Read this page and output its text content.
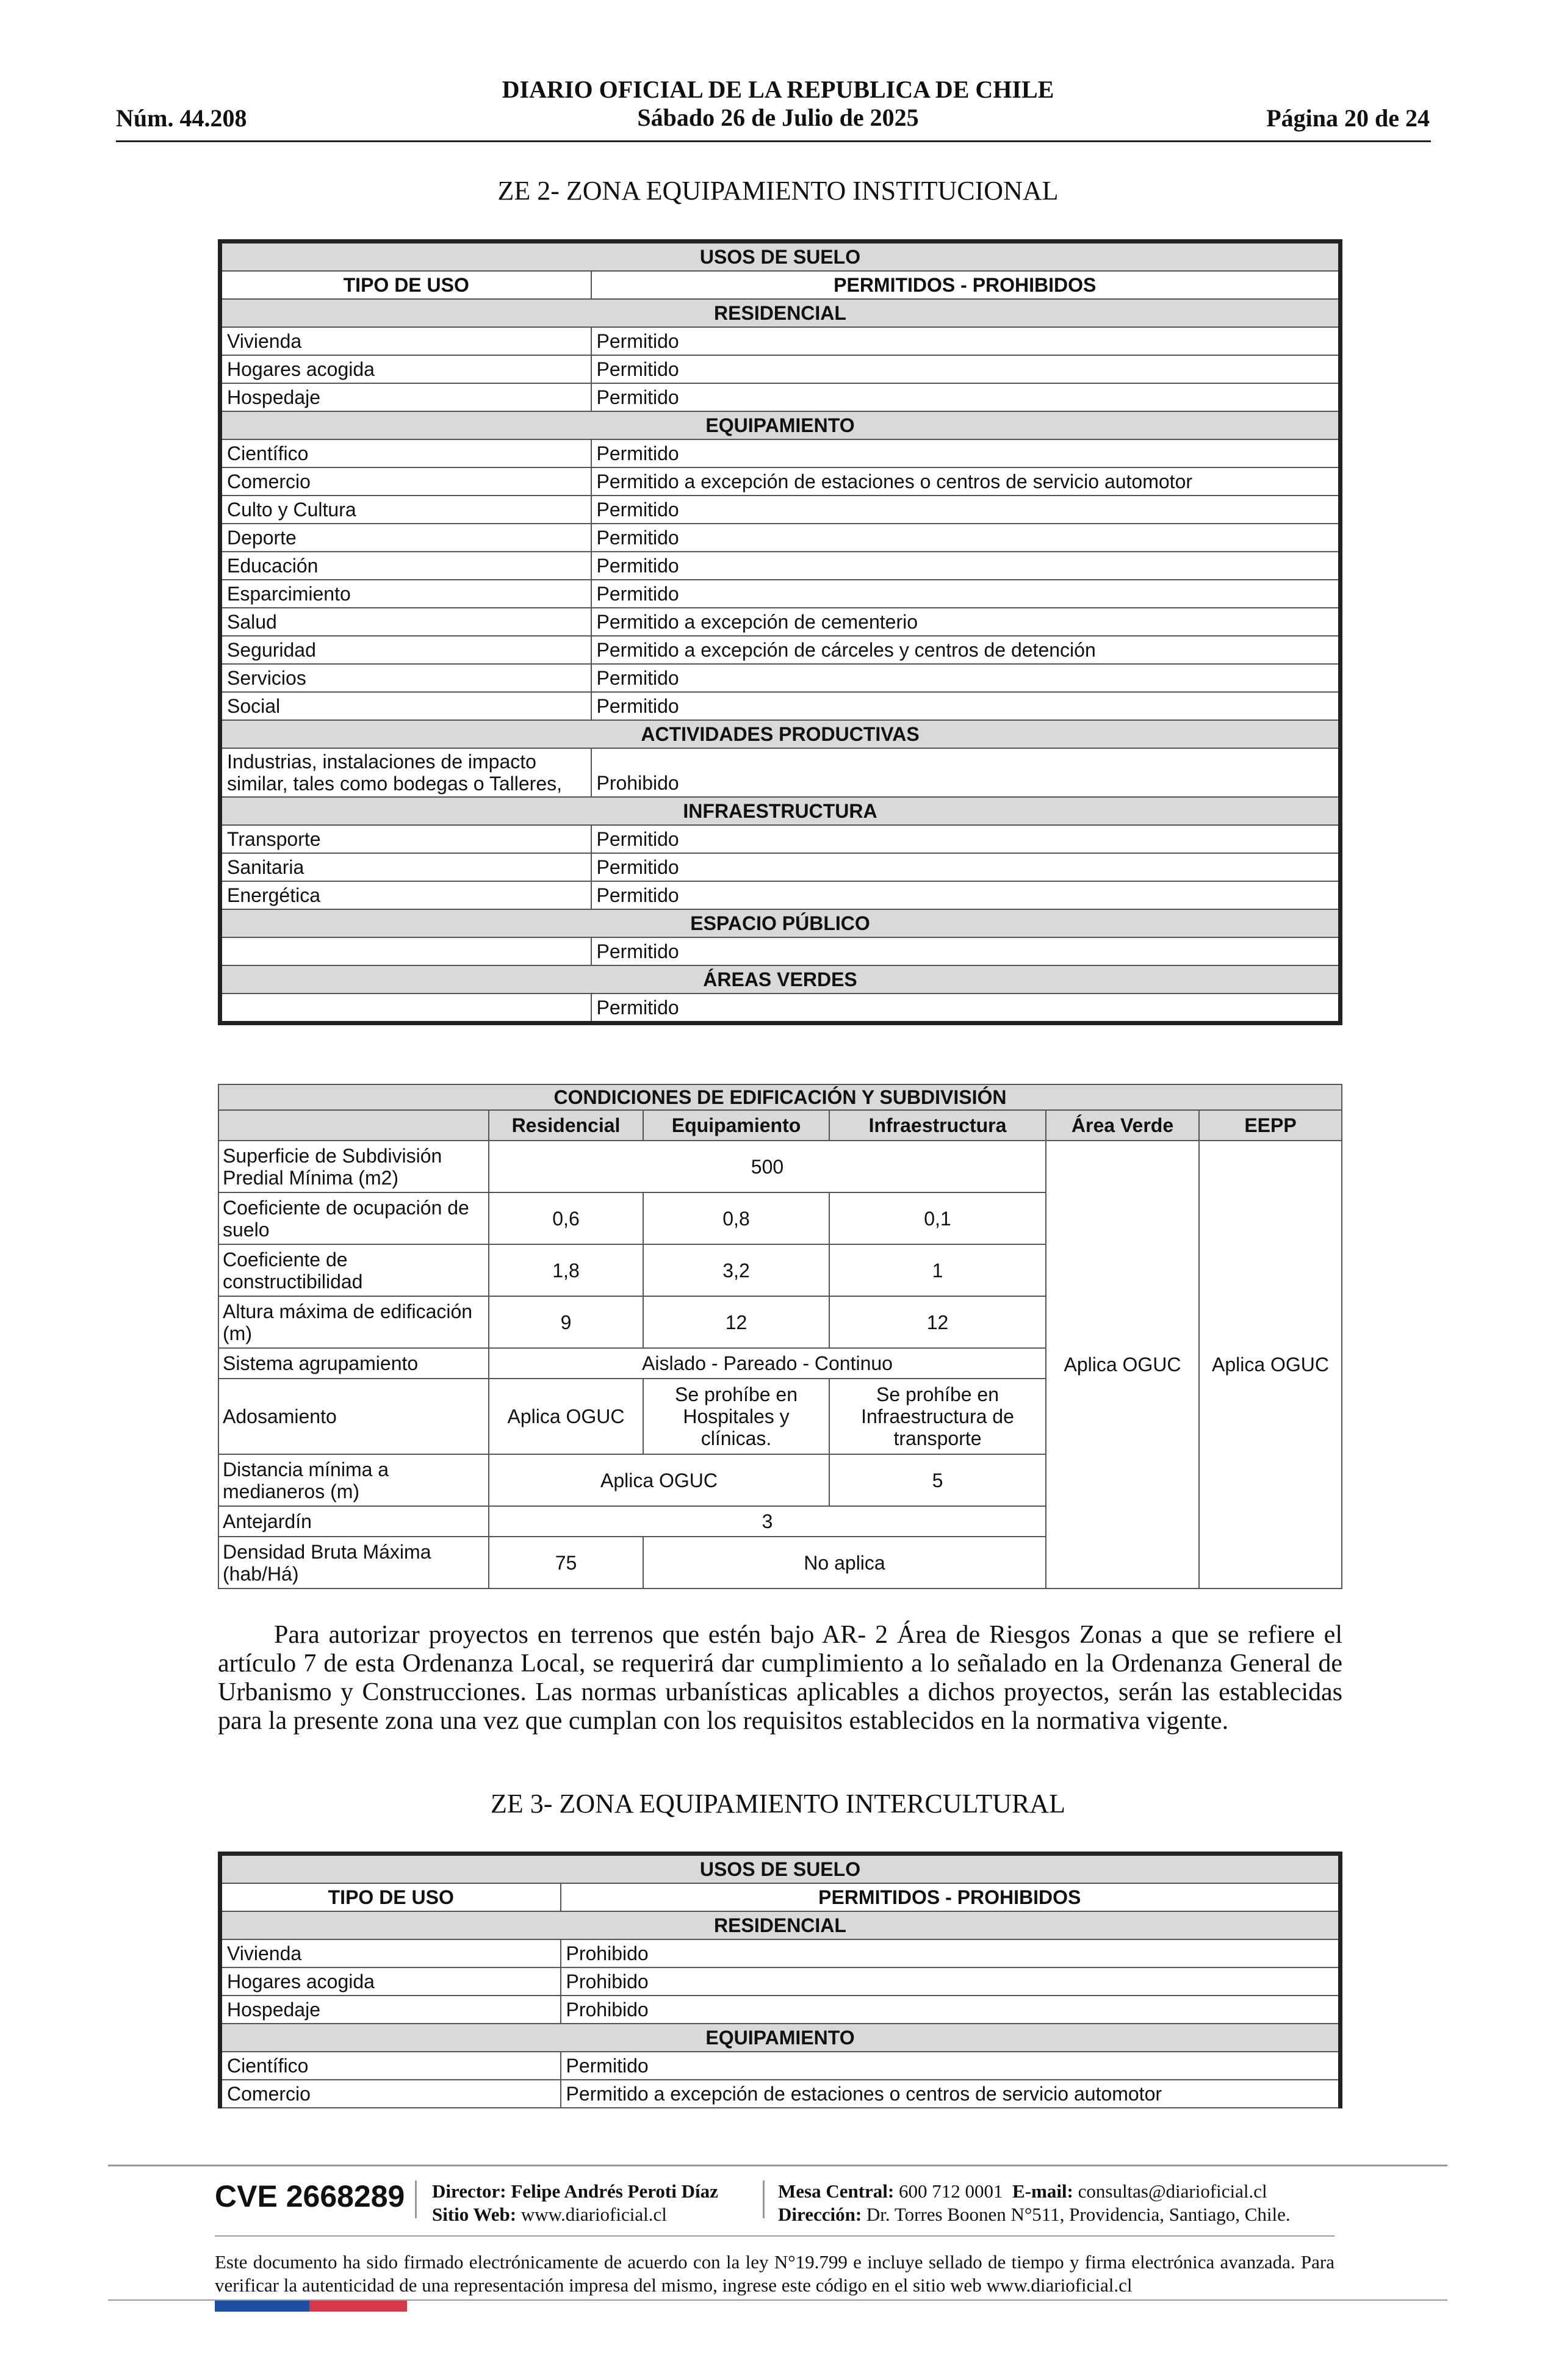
DIARIO OFICIAL DE LA REPUBLICA DE CHILE
Sábado 26 de Julio de 2025
Núm. 44.208	Página 20 de 24
ZE 2- ZONA EQUIPAMIENTO INSTITUCIONAL
USOS DE SUELO	
TIPO DE USO	PERMITIDOS - PROHIBIDOS
RESIDENCIAL	
Vivienda	Permitido
Hogares acogida	Permitido
Hospedaje	Permitido
EQUIPAMIENTO	
Científico	Permitido
Comercio	Permitido a excepción de estaciones o centros de servicio automotor
Culto y Cultura	Permitido
Deporte	Permitido
Educación	Permitido
Esparcimiento	Permitido
Salud	Permitido a excepción de cementerio
Seguridad	Permitido a excepción de cárceles y centros de detención
Servicios	Permitido
Social	Permitido
ACTIVIDADES PRODUCTIVAS	
Industrias, instalaciones de impacto similar, tales como bodegas o Talleres,	Prohibido
INFRAESTRUCTURA	
Transporte	Permitido
Sanitaria	Permitido
Energética	Permitido
ESPACIO PÚBLICO	
	Permitido
ÁREAS VERDES	
	Permitido
CONDICIONES DE EDIFICACIÓN Y SUBDIVISIÓN					
	Residencial	Equipamiento	Infraestructura	Área Verde	EEPP
Superficie de Subdivisión Predial Mínima (m2)	500			Aplica OGUC	Aplica OGUC
Coeficiente de ocupación de suelo	0,6	0,8	0,1		
Coeficiente de constructibilidad	1,8	3,2	1		
Altura máxima de edificación (m)	9	12	12		
Sistema agrupamiento	Aislado - Pareado - Continuo				
Adosamiento	Aplica OGUC	Se prohíbe en Hospitales y clínicas.	Se prohíbe en Infraestructura de transporte		
Distancia mínima a medianeros (m)	Aplica OGUC		5		
Antejardín	3				
Densidad Bruta Máxima (hab/Há)	75	No aplica			
Para autorizar proyectos en terrenos que estén bajo AR- 2 Área de Riesgos Zonas a que se refiere el artículo 7 de esta Ordenanza Local, se requerirá dar cumplimiento a lo señalado en la Ordenanza General de Urbanismo y Construcciones. Las normas urbanísticas aplicables a dichos proyectos, serán las establecidas para la presente zona una vez que cumplan con los requisitos establecidos en la normativa vigente.
ZE 3- ZONA EQUIPAMIENTO INTERCULTURAL
USOS DE SUELO	
TIPO DE USO	PERMITIDOS - PROHIBIDOS
RESIDENCIAL	
Vivienda	Prohibido
Hogares acogida	Prohibido
Hospedaje	Prohibido
EQUIPAMIENTO	
Científico	Permitido
Comercio	Permitido a excepción de estaciones o centros de servicio automotor
CVE 2668289 Director: Felipe Andrés Peroti Díaz
Sitio Web: www.diarioficial.cl
Mesa Central: 600 712 0001 E-mail: consultas@diarioficial.cl
Dirección: Dr. Torres Boonen N°511, Providencia, Santiago, Chile.
Este documento ha sido firmado electrónicamente de acuerdo con la ley N°19.799 e incluye sellado de tiempo y firma electrónica avanzada. Para verificar la autenticidad de una representación impresa del mismo, ingrese este código en el sitio web www.diarioficial.cl
